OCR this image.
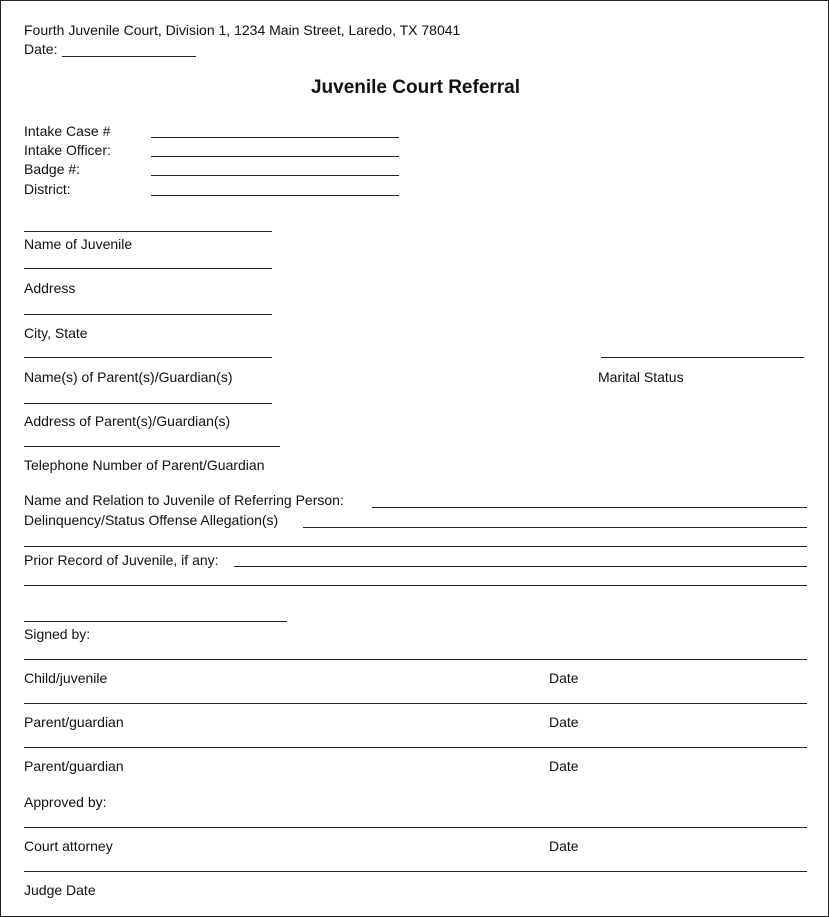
Fourth Juvenile Court, Division 1, 1234 Main Street, Laredo, TX 78041
Date:
Juvenile Court Referral
Intake Case #
Intake Officer:
Badge #:
District:
Name of Juvenile
Address
City, State
Name(s) of Parent(s)/Guardian(s)	Marital Status
Address of Parent(s)/Guardian(s)
Telephone Number of Parent/Guardian
Name and Relation to Juvenile of Referring Person:
Delinquency/Status Offense Allegation(s)
Prior Record of Juvenile, if any:
Signed by:
Child/juvenile	Date
Parent/guardian	Date
Parent/guardian	Date
Approved by:
Court attorney	Date
Judge Date
